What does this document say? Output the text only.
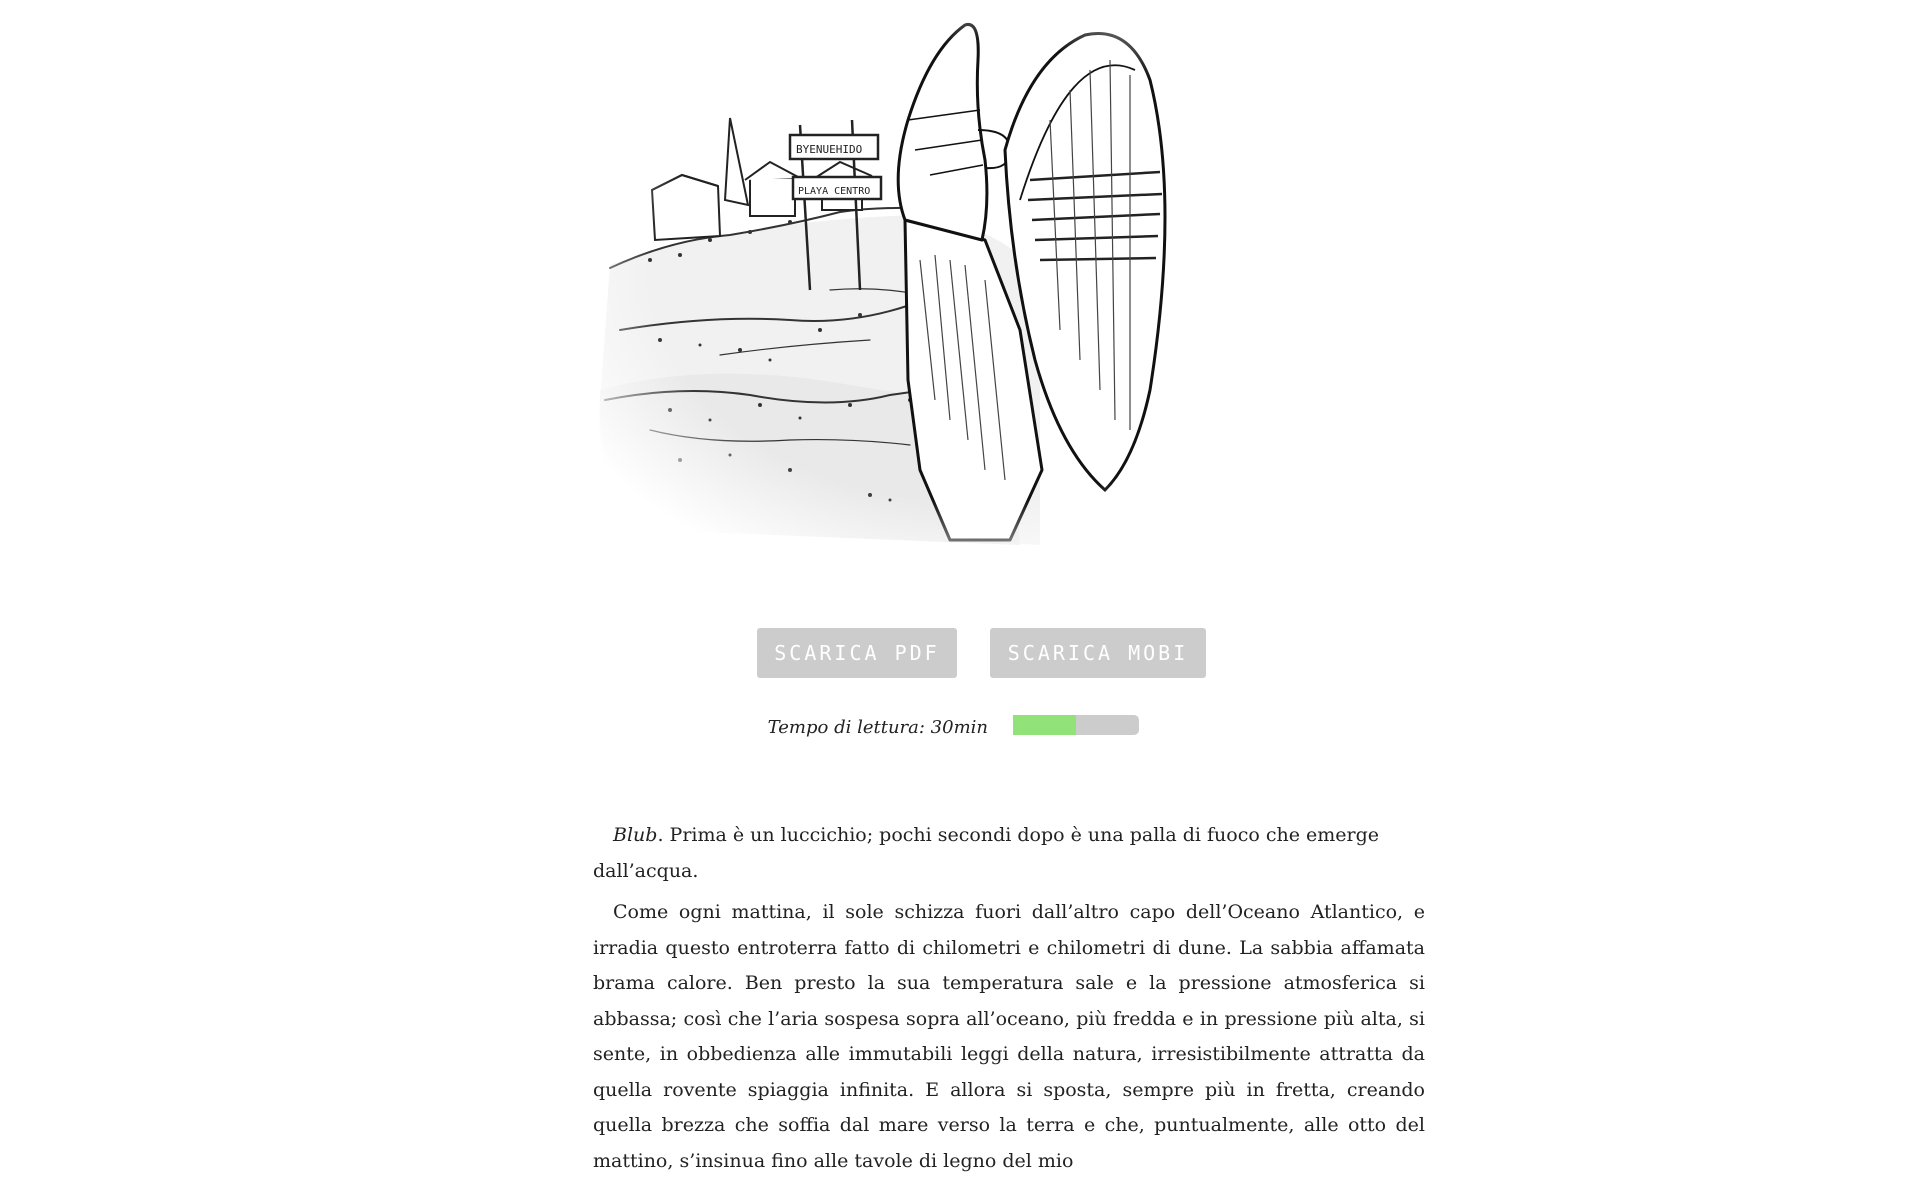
SCARICA PDF	SCARICA MOBI
Tempo di lettura: 30min

Blub. Prima è un luccichio; pochi secondi dopo è una palla di fuoco che emerge dall’acqua.

Come ogni mattina, il sole schizza fuori dall’altro capo dell’Oceano Atlantico, e irradia questo entroterra fatto di chilometri e chilometri di dune. La sabbia affamata brama calore. Ben presto la sua temperatura sale e la pressione atmosferica si abbassa; così che l’aria sospesa sopra all’oceano, più fredda e in pressione più alta, si sente, in obbedienza alle immutabili leggi della natura, irresistibilmente attratta da quella rovente spiaggia infinita. E allora si sposta, sempre più in fretta, creando quella brezza che soffia dal mare verso la terra e che, puntualmente, alle otto del mattino, s’insinua fino alle tavole di legno del mio
